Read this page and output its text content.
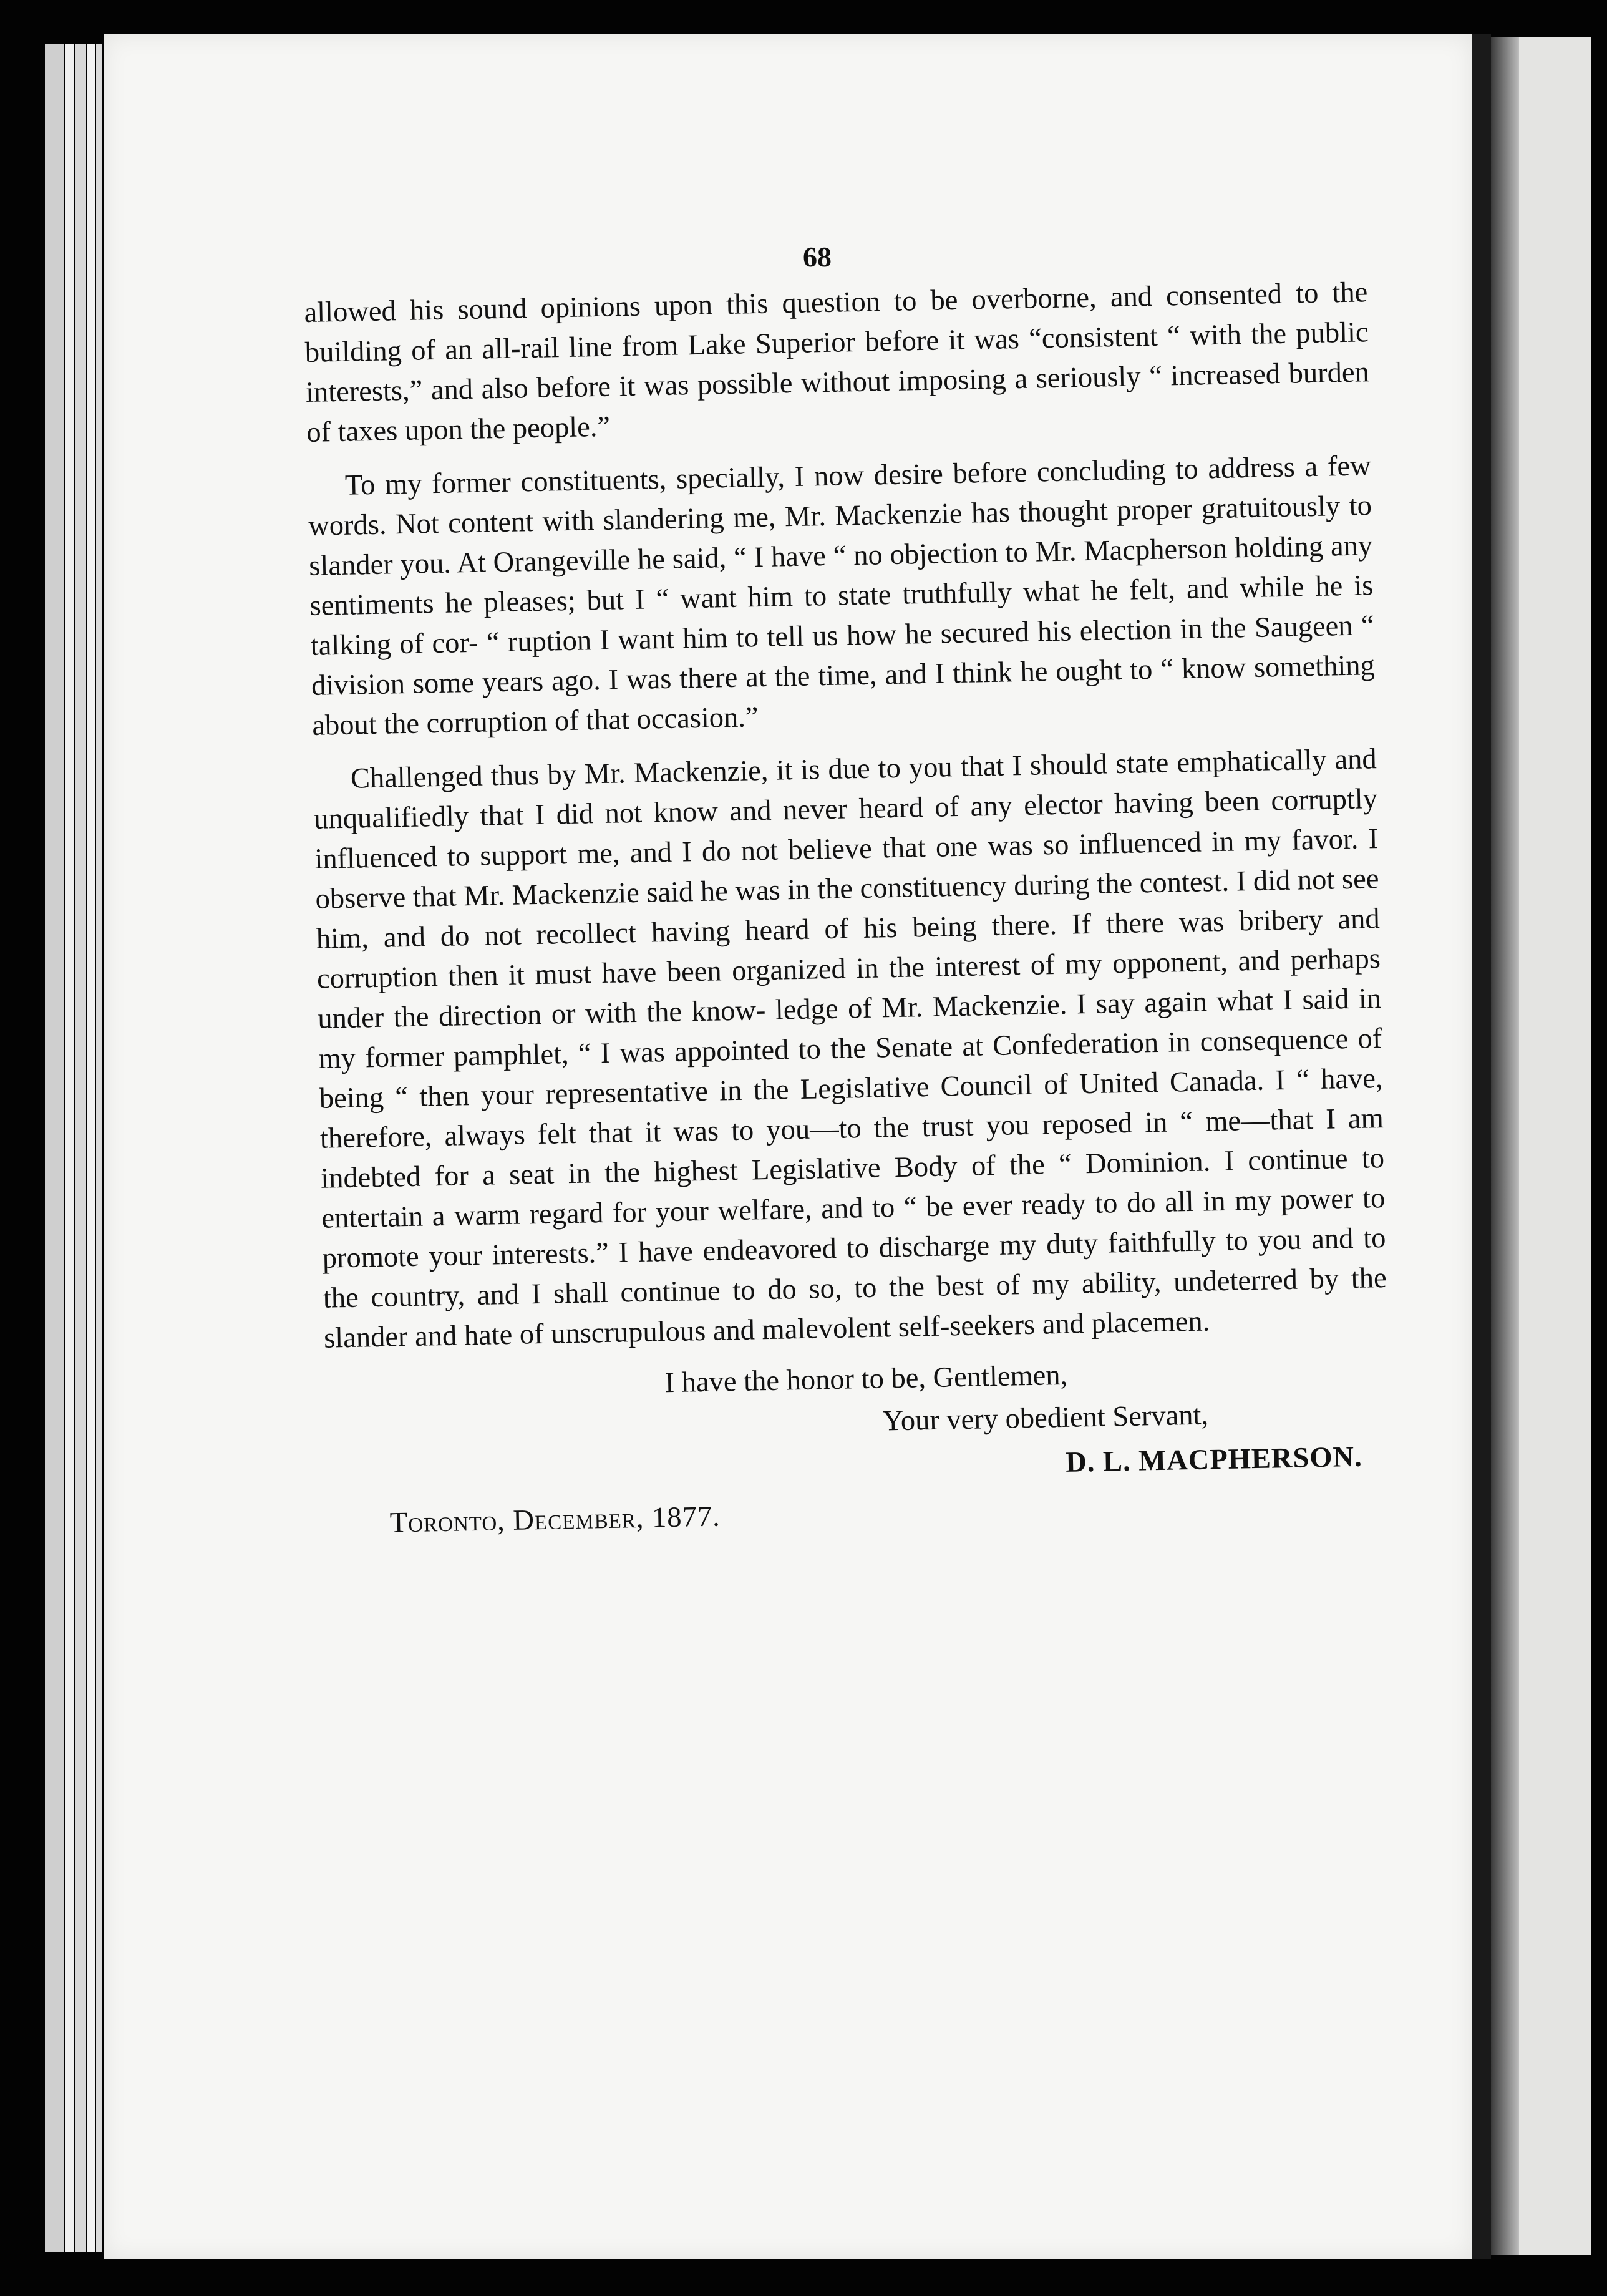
68

allowed his sound opinions upon this question to be overborne, and consented to the building of an all-rail line from Lake Superior before it was “consistent “ with the public interests,” and also before it was possible without imposing a seriously “ increased burden of taxes upon the people.”

To my former constituents, specially, I now desire before concluding to address a few words. Not content with slandering me, Mr. Mackenzie has thought proper gratuitously to slander you. At Orangeville he said, “ I have “ no objection to Mr. Macpherson holding any sentiments he pleases; but I “ want him to state truthfully what he felt, and while he is talking of cor- “ ruption I want him to tell us how he secured his election in the Saugeen “ division some years ago. I was there at the time, and I think he ought to “ know something about the corruption of that occasion.”

Challenged thus by Mr. Mackenzie, it is due to you that I should state emphatically and unqualifiedly that I did not know and never heard of any elector having been corruptly influenced to support me, and I do not believe that one was so influenced in my favor. I observe that Mr. Mackenzie said he was in the constituency during the contest. I did not see him, and do not recollect having heard of his being there. If there was bribery and corruption then it must have been organized in the interest of my opponent, and perhaps under the direction or with the know- ledge of Mr. Mackenzie. I say again what I said in my former pamphlet, “ I was appointed to the Senate at Confederation in consequence of being “ then your representative in the Legislative Council of United Canada. I “ have, therefore, always felt that it was to you—to the trust you reposed in “ me—that I am indebted for a seat in the highest Legislative Body of the “ Dominion. I continue to entertain a warm regard for your welfare, and to “ be ever ready to do all in my power to promote your interests.” I have endeavored to discharge my duty faithfully to you and to the country, and I shall continue to do so, to the best of my ability, undeterred by the slander and hate of unscrupulous and malevolent self-seekers and placemen.

I have the honor to be, Gentlemen,

Your very obedient Servant,

D. L. MACPHERSON.

Toronto, December, 1877.
